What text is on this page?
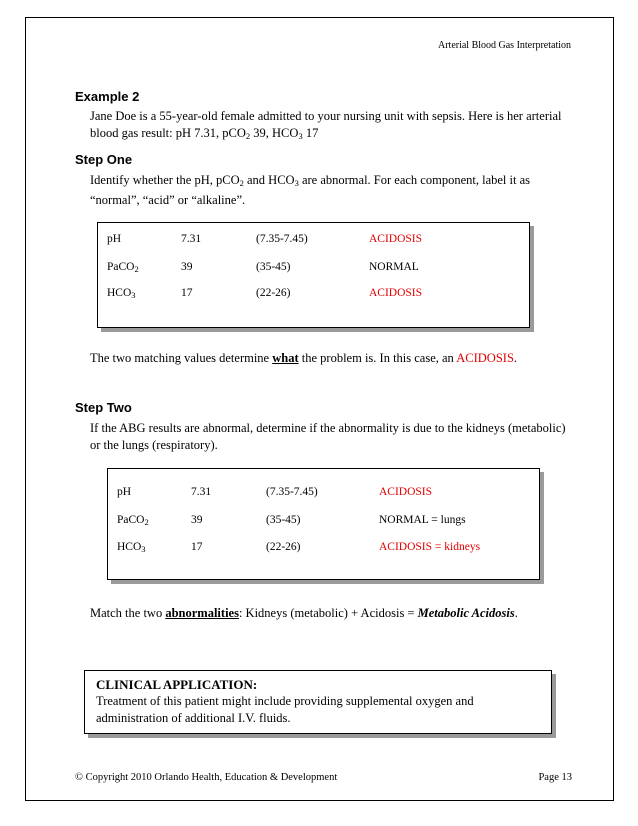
Arterial Blood Gas Interpretation
Example 2
Jane Doe is a 55-year-old female admitted to your nursing unit with sepsis. Here is her arterial
blood gas result: pH 7.31, pCO$_2$ 39, $HCO_3$ 17
Step One
Identify whether the pH, pCO$_2$ and $HCO_3$ are abnormal. For each component, label it as
“normal”, “acid” or “alkaline”.
pH	7.31	(7.35-7.45)	ACIDOSIS
PaCO$_2$	39	(35-45)	NORMAL
$HCO_3$	17	(22-26)	ACIDOSIS
The two matching values determine what the problem is. In this case, an ACIDOSIS.
Step Two
If the ABG results are abnormal, determine if the abnormality is due to the kidneys (metabolic)
or the lungs (respiratory).
pH	7.31	(7.35-7.45)	ACIDOSIS
PaCO$_2$	39	(35-45)	NORMAL = lungs
$HCO_3$	17	(22-26)	ACIDOSIS = kidneys
Match the two abnormalities: Kidneys (metabolic) + Acidosis = Metabolic Acidosis.
CLINICAL APPLICATION:
Treatment of this patient might include providing supplemental oxygen and
administration of additional I.V. fluids.
© Copyright 2010 Orlando Health, Education & Development	Page 13
